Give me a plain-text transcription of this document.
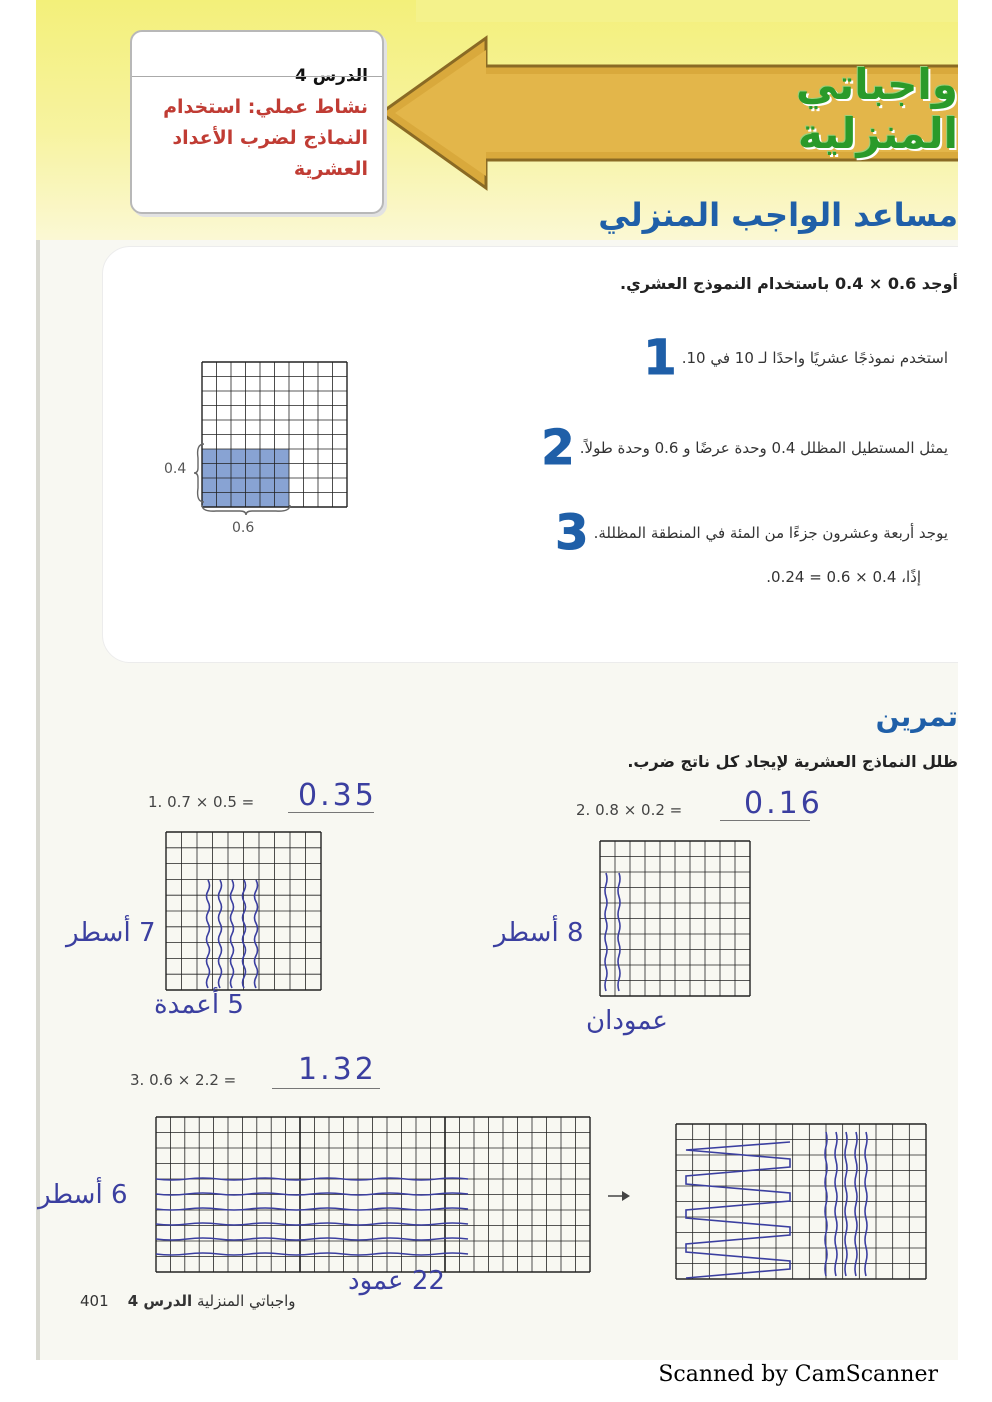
واجباتي المنزلية
الدرس 4
نشاط عملي: استخدام النماذج لضرب الأعداد العشرية
مساعد الواجب المنزلي
أوجد 0.6 × 0.4 باستخدام النموذج العشري.
استخدم نموذجًا عشريًا واحدًا لـ 10 في 10. 1
يمثل المستطيل المظلل 0.4 وحدة عرضًا و 0.6 وحدة طولاً. 2
يوجد أربعة وعشرون جزءًا من المئة في المنطقة المظللة. 3
إذًا، 0.4 × 0.6 = 0.24.
0.4
0.6
تمرين
ظلل النماذج العشرية لإيجاد كل ناتج ضرب.
1. 0.7 × 0.5 = 0.35
7 أسطر
5 أعمدة
2. 0.8 × 0.2 = 0.16
8 أسطر
عمودان
3. 0.6 × 2.2 = 1.32
6 أسطر
22 عمود
401	واجباتي المنزلية الدرس 4
Scanned by CamScanner
